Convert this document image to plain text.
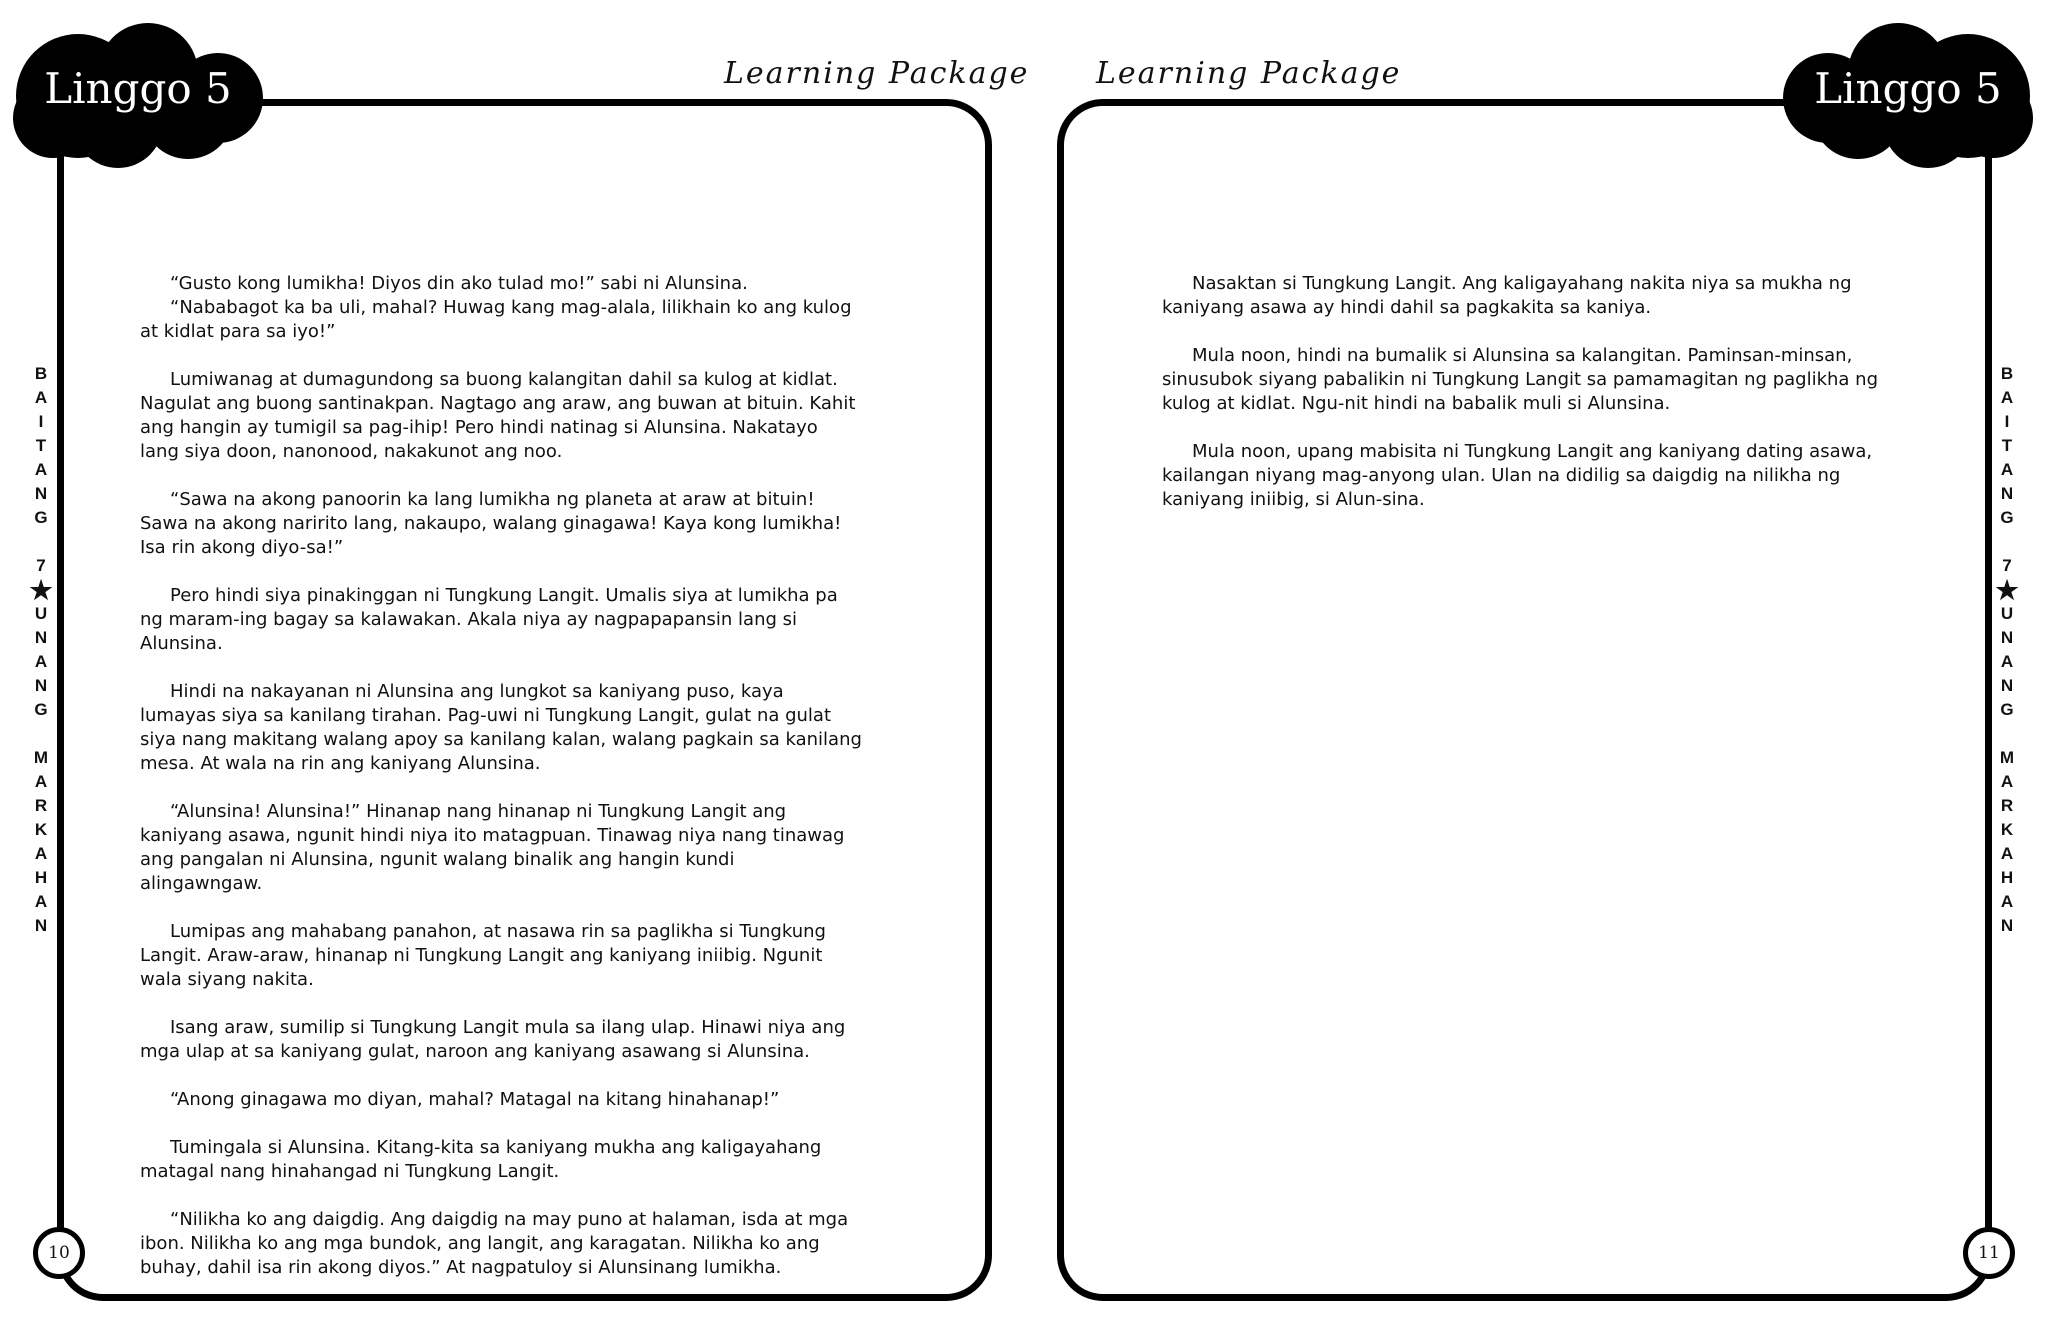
Learning Package Learning Package
Linggo 5	Linggo 5
B
A
I
T
A
N
G
7
★
U
N
A
N
G
M
A
R
K
A
H
A
N
B
A
I
T
A
N
G
7
★
U
N
A
N
G
M
A
R
K
A
H
A
N
10	11

“Gusto kong lumikha! Diyos din ako tulad mo!” sabi ni Alunsina.

“Nababagot ka ba uli, mahal? Huwag kang mag-alala, lilikhain ko ang kulog at kidlat para sa iyo!”

Lumiwanag at dumagundong sa buong kalangitan dahil sa kulog at kidlat. Nagulat ang buong santinakpan. Nagtago ang araw, ang buwan at bituin. Kahit ang hangin ay tumigil sa pag-ihip! Pero hindi natinag si Alunsina. Nakatayo lang siya doon, nanonood, nakakunot ang noo.

“Sawa na akong panoorin ka lang lumikha ng planeta at araw at bituin! Sawa na akong naririto lang, nakaupo, walang ginagawa! Kaya kong lumikha! Isa rin akong diyo-sa!”

Pero hindi siya pinakinggan ni Tungkung Langit. Umalis siya at lumikha pa ng maram-ing bagay sa kalawakan. Akala niya ay nagpapapansin lang si Alunsina.

Hindi na nakayanan ni Alunsina ang lungkot sa kaniyang puso, kaya lumayas siya sa kanilang tirahan. Pag-uwi ni Tungkung Langit, gulat na gulat siya nang makitang walang apoy sa kanilang kalan, walang pagkain sa kanilang mesa. At wala na rin ang kaniyang Alunsina.

“Alunsina! Alunsina!” Hinanap nang hinanap ni Tungkung Langit ang kaniyang asawa, ngunit hindi niya ito matagpuan. Tinawag niya nang tinawag ang pangalan ni Alunsina, ngunit walang binalik ang hangin kundi alingawngaw.

Lumipas ang mahabang panahon, at nasawa rin sa paglikha si Tungkung Langit. Araw-araw, hinanap ni Tungkung Langit ang kaniyang iniibig. Ngunit wala siyang nakita.

Isang araw, sumilip si Tungkung Langit mula sa ilang ulap. Hinawi niya ang mga ulap at sa kaniyang gulat, naroon ang kaniyang asawang si Alunsina.

“Anong ginagawa mo diyan, mahal? Matagal na kitang hinahanap!”

Tumingala si Alunsina. Kitang-kita sa kaniyang mukha ang kaligayahang matagal nang hinahangad ni Tungkung Langit.

“Nilikha ko ang daigdig. Ang daigdig na may puno at halaman, isda at mga ibon. Nilikha ko ang mga bundok, ang langit, ang karagatan. Nilikha ko ang buhay, dahil isa rin akong diyos.” At nagpatuloy si Alunsinang lumikha.

Nasaktan si Tungkung Langit. Ang kaligayahang nakita niya sa mukha ng kaniyang asawa ay hindi dahil sa pagkakita sa kaniya.

Mula noon, hindi na bumalik si Alunsina sa kalangitan. Paminsan-minsan, sinusubok siyang pabalikin ni Tungkung Langit sa pamamagitan ng paglikha ng kulog at kidlat. Ngu-nit hindi na babalik muli si Alunsina.

Mula noon, upang mabisita ni Tungkung Langit ang kaniyang dating asawa, kailangan niyang mag-anyong ulan. Ulan na didilig sa daigdig na nilikha ng kaniyang iniibig, si Alun-sina.
